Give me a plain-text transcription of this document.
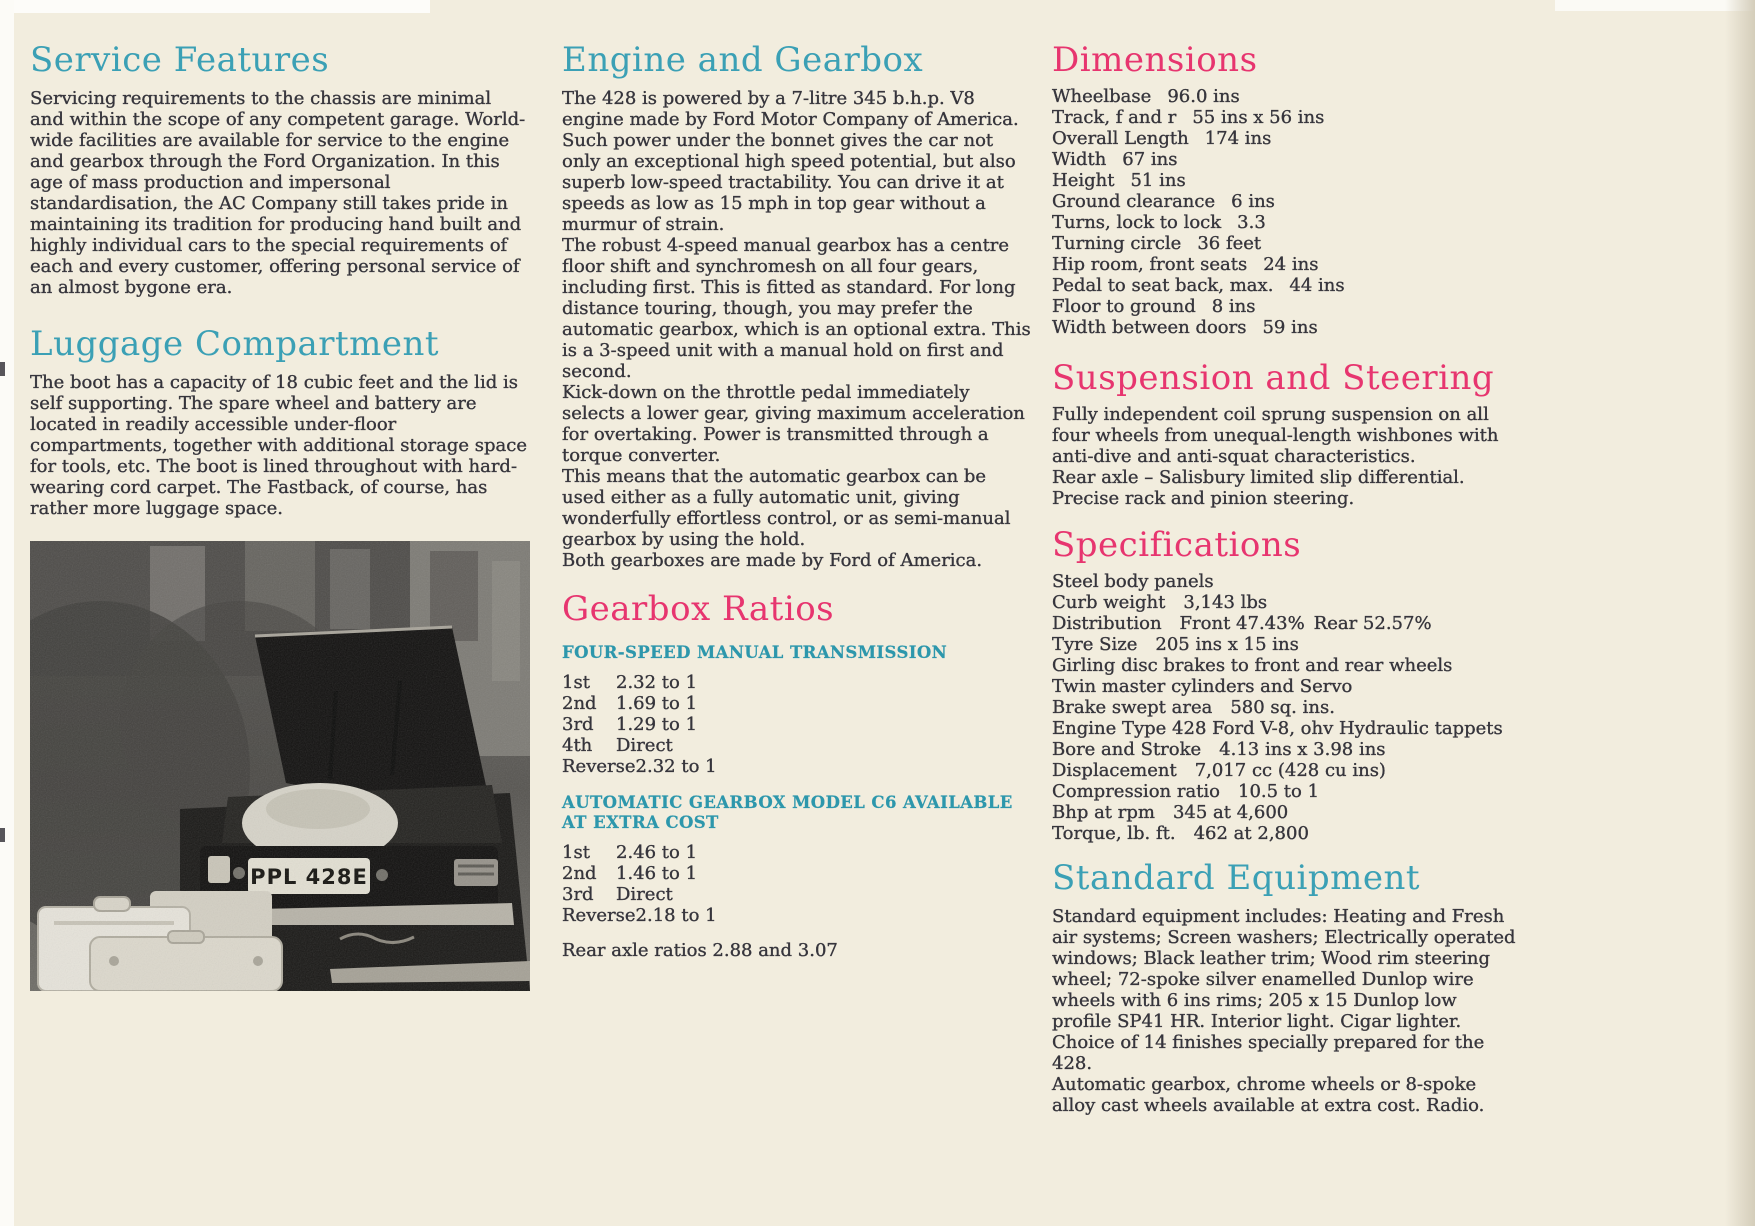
Service Features
Servicing requirements to the chassis are minimal and within the scope of any competent garage. World-wide facilities are available for service to the engine and gearbox through the Ford Organization. In this age of mass production and impersonal standardisation, the AC Company still takes pride in maintaining its tradition for producing hand built and highly individual cars to the special requirements of each and every customer, offering personal service of an almost bygone era.
Luggage Compartment
The boot has a capacity of 18 cubic feet and the lid is self supporting. The spare wheel and battery are located in readily accessible under-floor compartments, together with additional storage space for tools, etc. The boot is lined throughout with hard-wearing cord carpet. The Fastback, of course, has rather more luggage space.
PPL 428E
Engine and Gearbox

The 428 is powered by a 7-litre 345 b.h.p. V8 engine made by Ford Motor Company of America. Such power under the bonnet gives the car not only an exceptional high speed potential, but also superb low-speed tractability. You can drive it at speeds as low as 15 mph in top gear without a murmur of strain.

The robust 4-speed manual gearbox has a centre floor shift and synchromesh on all four gears, including first. This is fitted as standard. For long distance touring, though, you may prefer the automatic gearbox, which is an optional extra. This is a 3-speed unit with a manual hold on first and second.

Kick-down on the throttle pedal immediately selects a lower gear, giving maximum acceleration for overtaking. Power is transmitted through a torque converter.

This means that the automatic gearbox can be used either as a fully automatic unit, giving wonderfully effortless control, or as semi-manual gearbox by using the hold.

Both gearboxes are made by Ford of America.

Gearbox Ratios
FOUR-SPEED MANUAL TRANSMISSION
1st 2.32 to 1
2nd 1.69 to 1
3rd 1.29 to 1
4th Direct
Reverse2.32 to 1
AUTOMATIC GEARBOX MODEL C6 AVAILABLE AT EXTRA COST
1st 2.46 to 1
2nd 1.46 to 1
3rd Direct
Reverse2.18 to 1
Rear axle ratios 2.88 and 3.07
Dimensions
Wheelbase 96.0 ins
Track, f and r 55 ins x 56 ins
Overall Length 174 ins
Width 67 ins
Height 51 ins
Ground clearance 6 ins
Turns, lock to lock 3.3
Turning circle 36 feet
Hip room, front seats 24 ins
Pedal to seat back, max. 44 ins
Floor to ground 8 ins
Width between doors 59 ins
Suspension and Steering

Fully independent coil sprung suspension on all four wheels from unequal-length wishbones with anti-dive and anti-squat characteristics.

Rear axle – Salisbury limited slip differential.

Precise rack and pinion steering.

Specifications
Steel body panels
Curb weight 3,143 lbs
Distribution Front 47.43% Rear 52.57%
Tyre Size 205 ins x 15 ins
Girling disc brakes to front and rear wheels
Twin master cylinders and Servo
Brake swept area 580 sq. ins.
Engine Type 428 Ford V-8, ohv Hydraulic tappets
Bore and Stroke 4.13 ins x 3.98 ins
Displacement 7,017 cc (428 cu ins)
Compression ratio 10.5 to 1
Bhp at rpm 345 at 4,600
Torque, lb. ft. 462 at 2,800
Standard Equipment

Standard equipment includes: Heating and Fresh air systems; Screen washers; Electrically operated windows; Black leather trim; Wood rim steering wheel; 72-spoke silver enamelled Dunlop wire wheels with 6 ins rims; 205 x 15 Dunlop low profile SP41 HR. Interior light. Cigar lighter.

Choice of 14 finishes specially prepared for the 428.

Automatic gearbox, chrome wheels or 8-spoke alloy cast wheels available at extra cost. Radio.
